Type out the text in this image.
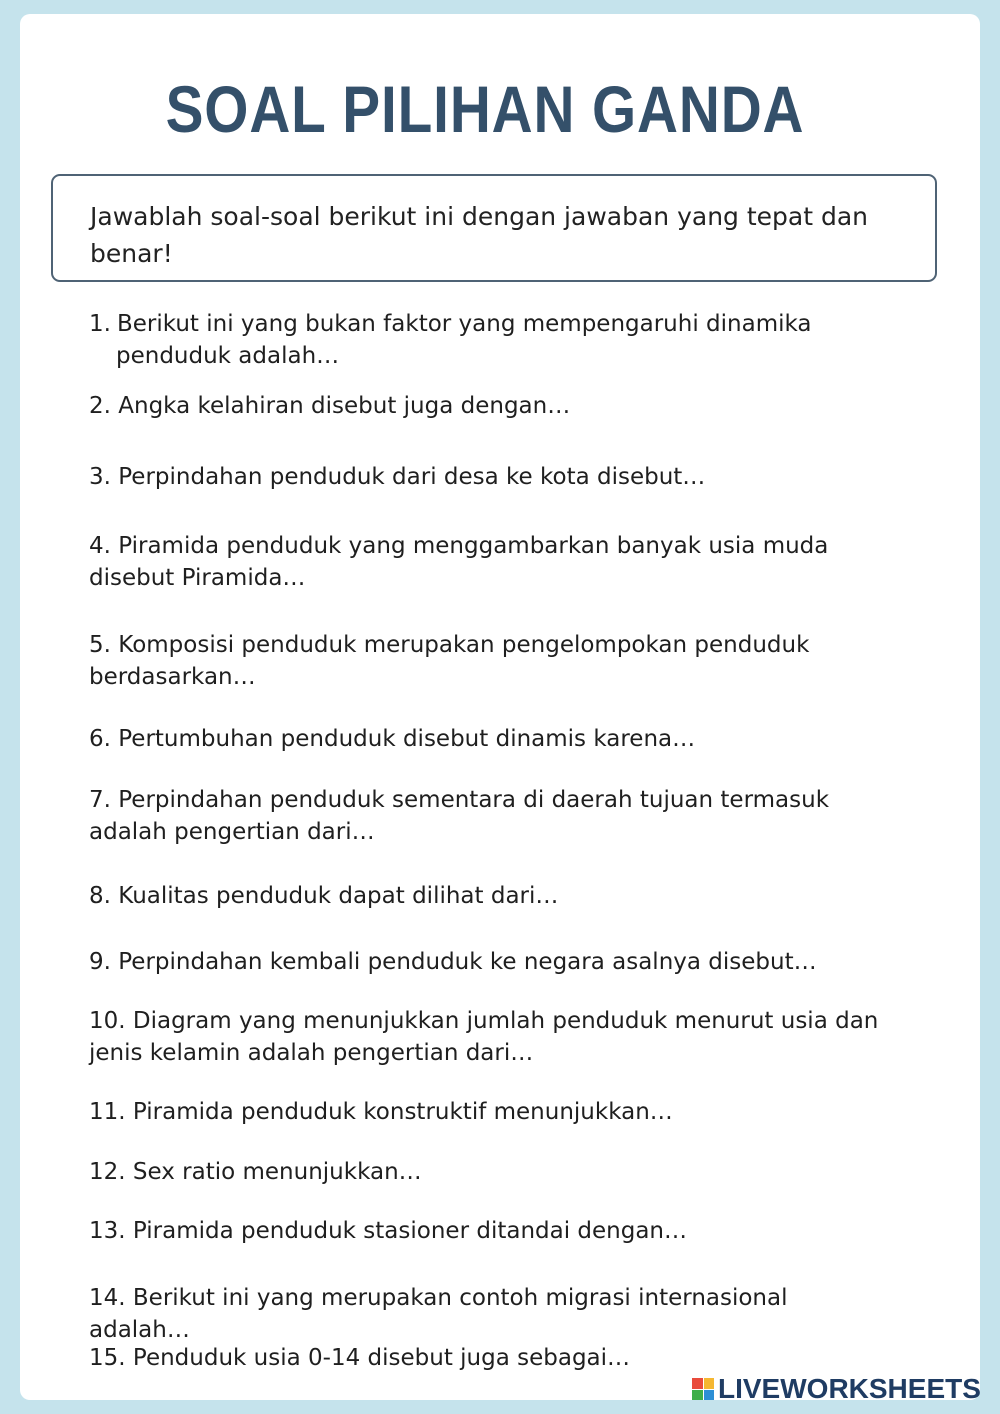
SOAL PILIHAN GANDA
Jawablah soal-soal berikut ini dengan jawaban yang tepat dan benar!
1. Berikut ini yang bukan faktor yang mempengaruhi dinamika penduduk adalah…
2. Angka kelahiran disebut juga dengan…
3. Perpindahan penduduk dari desa ke kota disebut…
4. Piramida penduduk yang menggambarkan banyak usia muda disebut Piramida…
5. Komposisi penduduk merupakan pengelompokan penduduk berdasarkan…
6. Pertumbuhan penduduk disebut dinamis karena…
7. Perpindahan penduduk sementara di daerah tujuan termasuk adalah pengertian dari…
8. Kualitas penduduk dapat dilihat dari…
9. Perpindahan kembali penduduk ke negara asalnya disebut…
10. Diagram yang menunjukkan jumlah penduduk menurut usia dan jenis kelamin adalah pengertian dari…
11. Piramida penduduk konstruktif menunjukkan…
12. Sex ratio menunjukkan…
13. Piramida penduduk stasioner ditandai dengan…
14. Berikut ini yang merupakan contoh migrasi internasional adalah…
15. Penduduk usia 0-14 disebut juga sebagai…
LIVEWORKSHEETS
